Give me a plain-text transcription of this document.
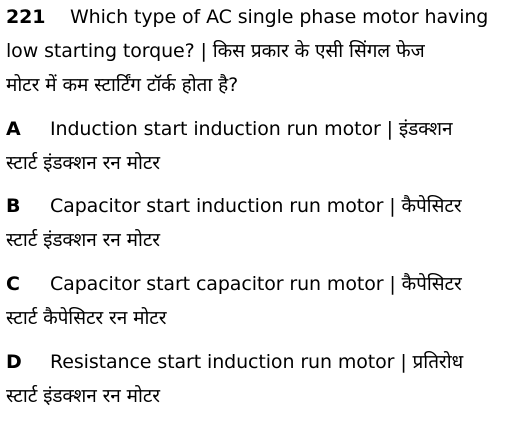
221 Which type of AC single phase motor having
low starting torque? | किस प्रकार के एसी सिंगल फेज
मोटर में कम स्टार्टिंग टॉर्क होता है?
A Induction start induction run motor | इंडक्शन
स्टार्ट इंडक्शन रन मोटर
B Capacitor start induction run motor | कैपेसिटर
स्टार्ट इंडक्शन रन मोटर
C Capacitor start capacitor run motor | कैपेसिटर
स्टार्ट कैपेसिटर रन मोटर
D Resistance start induction run motor | प्रतिरोध
स्टार्ट इंडक्शन रन मोटर
